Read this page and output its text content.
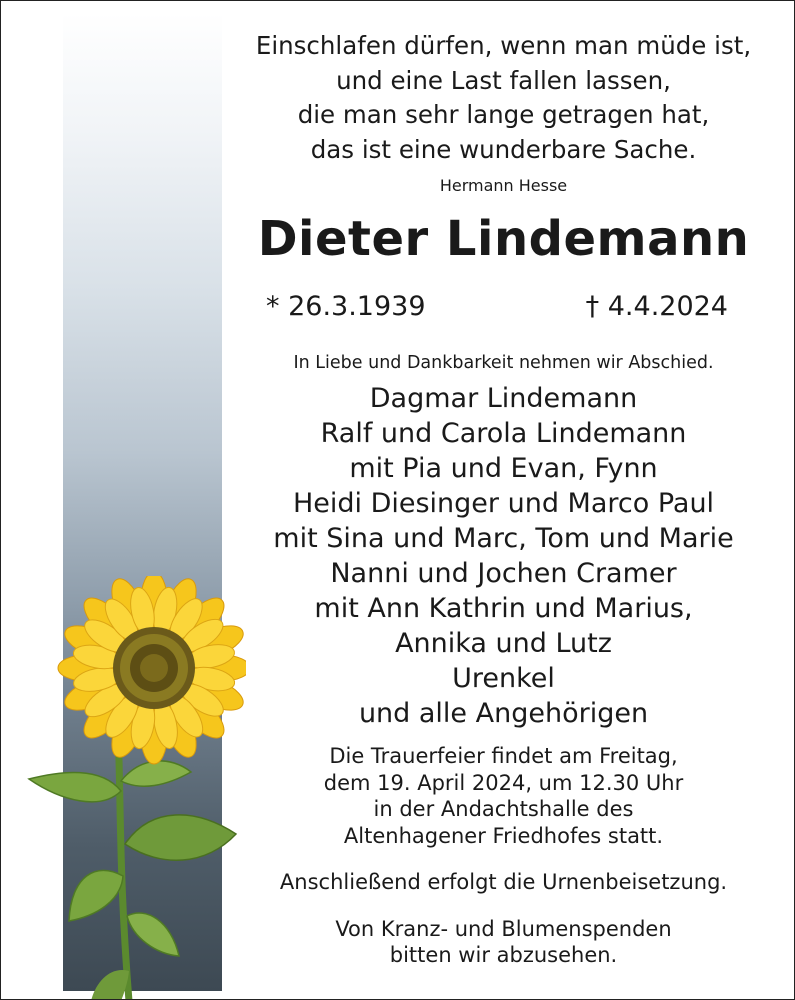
Einschlafen dürfen, wenn man müde ist,
und eine Last fallen lassen,
die man sehr lange getragen hat,
das ist eine wunderbare Sache.
Hermann Hesse
Dieter Lindemann
* 26.3.1939	† 4.4.2024
In Liebe und Dankbarkeit nehmen wir Abschied.
Dagmar Lindemann
Ralf und Carola Lindemann
mit Pia und Evan, Fynn
Heidi Diesinger und Marco Paul
mit Sina und Marc, Tom und Marie
Nanni und Jochen Cramer
mit Ann Kathrin und Marius,
Annika und Lutz
Urenkel
und alle Angehörigen
Die Trauerfeier findet am Freitag,
dem 19. April 2024, um 12.30 Uhr
in der Andachtshalle des
Altenhagener Friedhofes statt.
Anschließend erfolgt die Urnenbeisetzung.
Von Kranz- und Blumenspenden
bitten wir abzusehen.
